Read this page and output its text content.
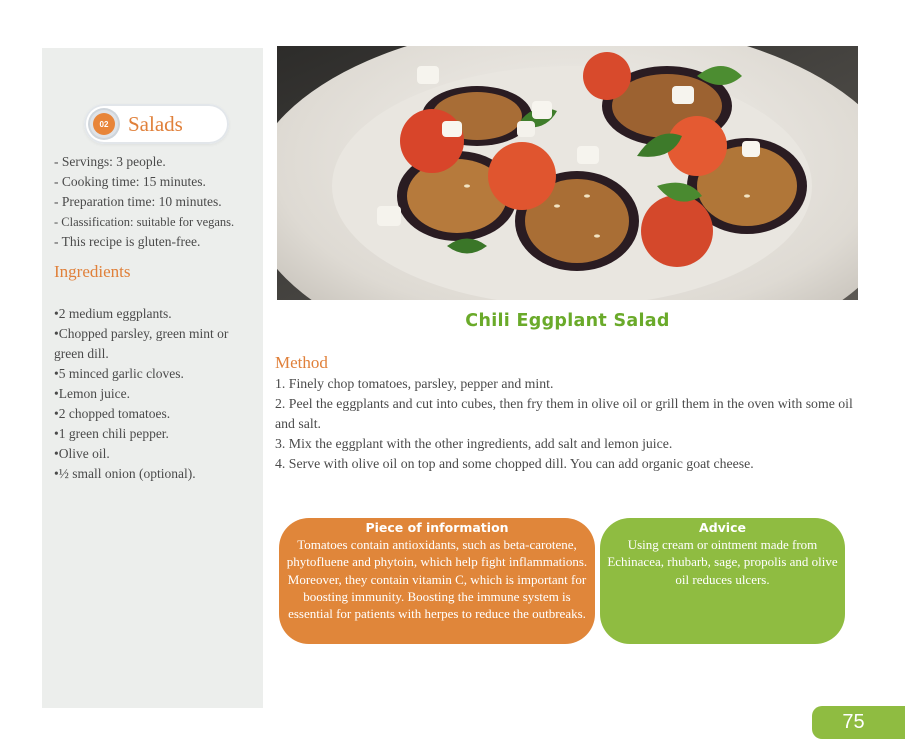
02 Salads
- Servings: 3 people.
- Cooking time: 15 minutes.
- Preparation time: 10 minutes.
- Classification: suitable for vegans.
- This recipe is gluten-free.
Ingredients
•2 medium eggplants.
•Chopped parsley, green mint or green dill.
•5 minced garlic cloves.
•Lemon juice.
•2 chopped tomatoes.
•1 green chili pepper.
•Olive oil.
•½ small onion (optional).
Chili Eggplant Salad
Method
1. Finely chop tomatoes, parsley, pepper and mint.
2. Peel the eggplants and cut into cubes, then fry them in olive oil or grill them in the oven with some oil and salt.
3. Mix the eggplant with the other ingredients, add salt and lemon juice.
4. Serve with olive oil on top and some chopped dill. You can add organic goat cheese.
Piece of information
Tomatoes contain antioxidants, such as beta-carotene, phytofluene and phytoin, which help fight inflammations. Moreover, they contain vitamin C, which is important for boosting immunity. Boosting the immune system is essential for patients with herpes to reduce the outbreaks.
Advice
Using cream or ointment made from Echinacea, rhubarb, sage, propolis and olive oil reduces ulcers.
75
